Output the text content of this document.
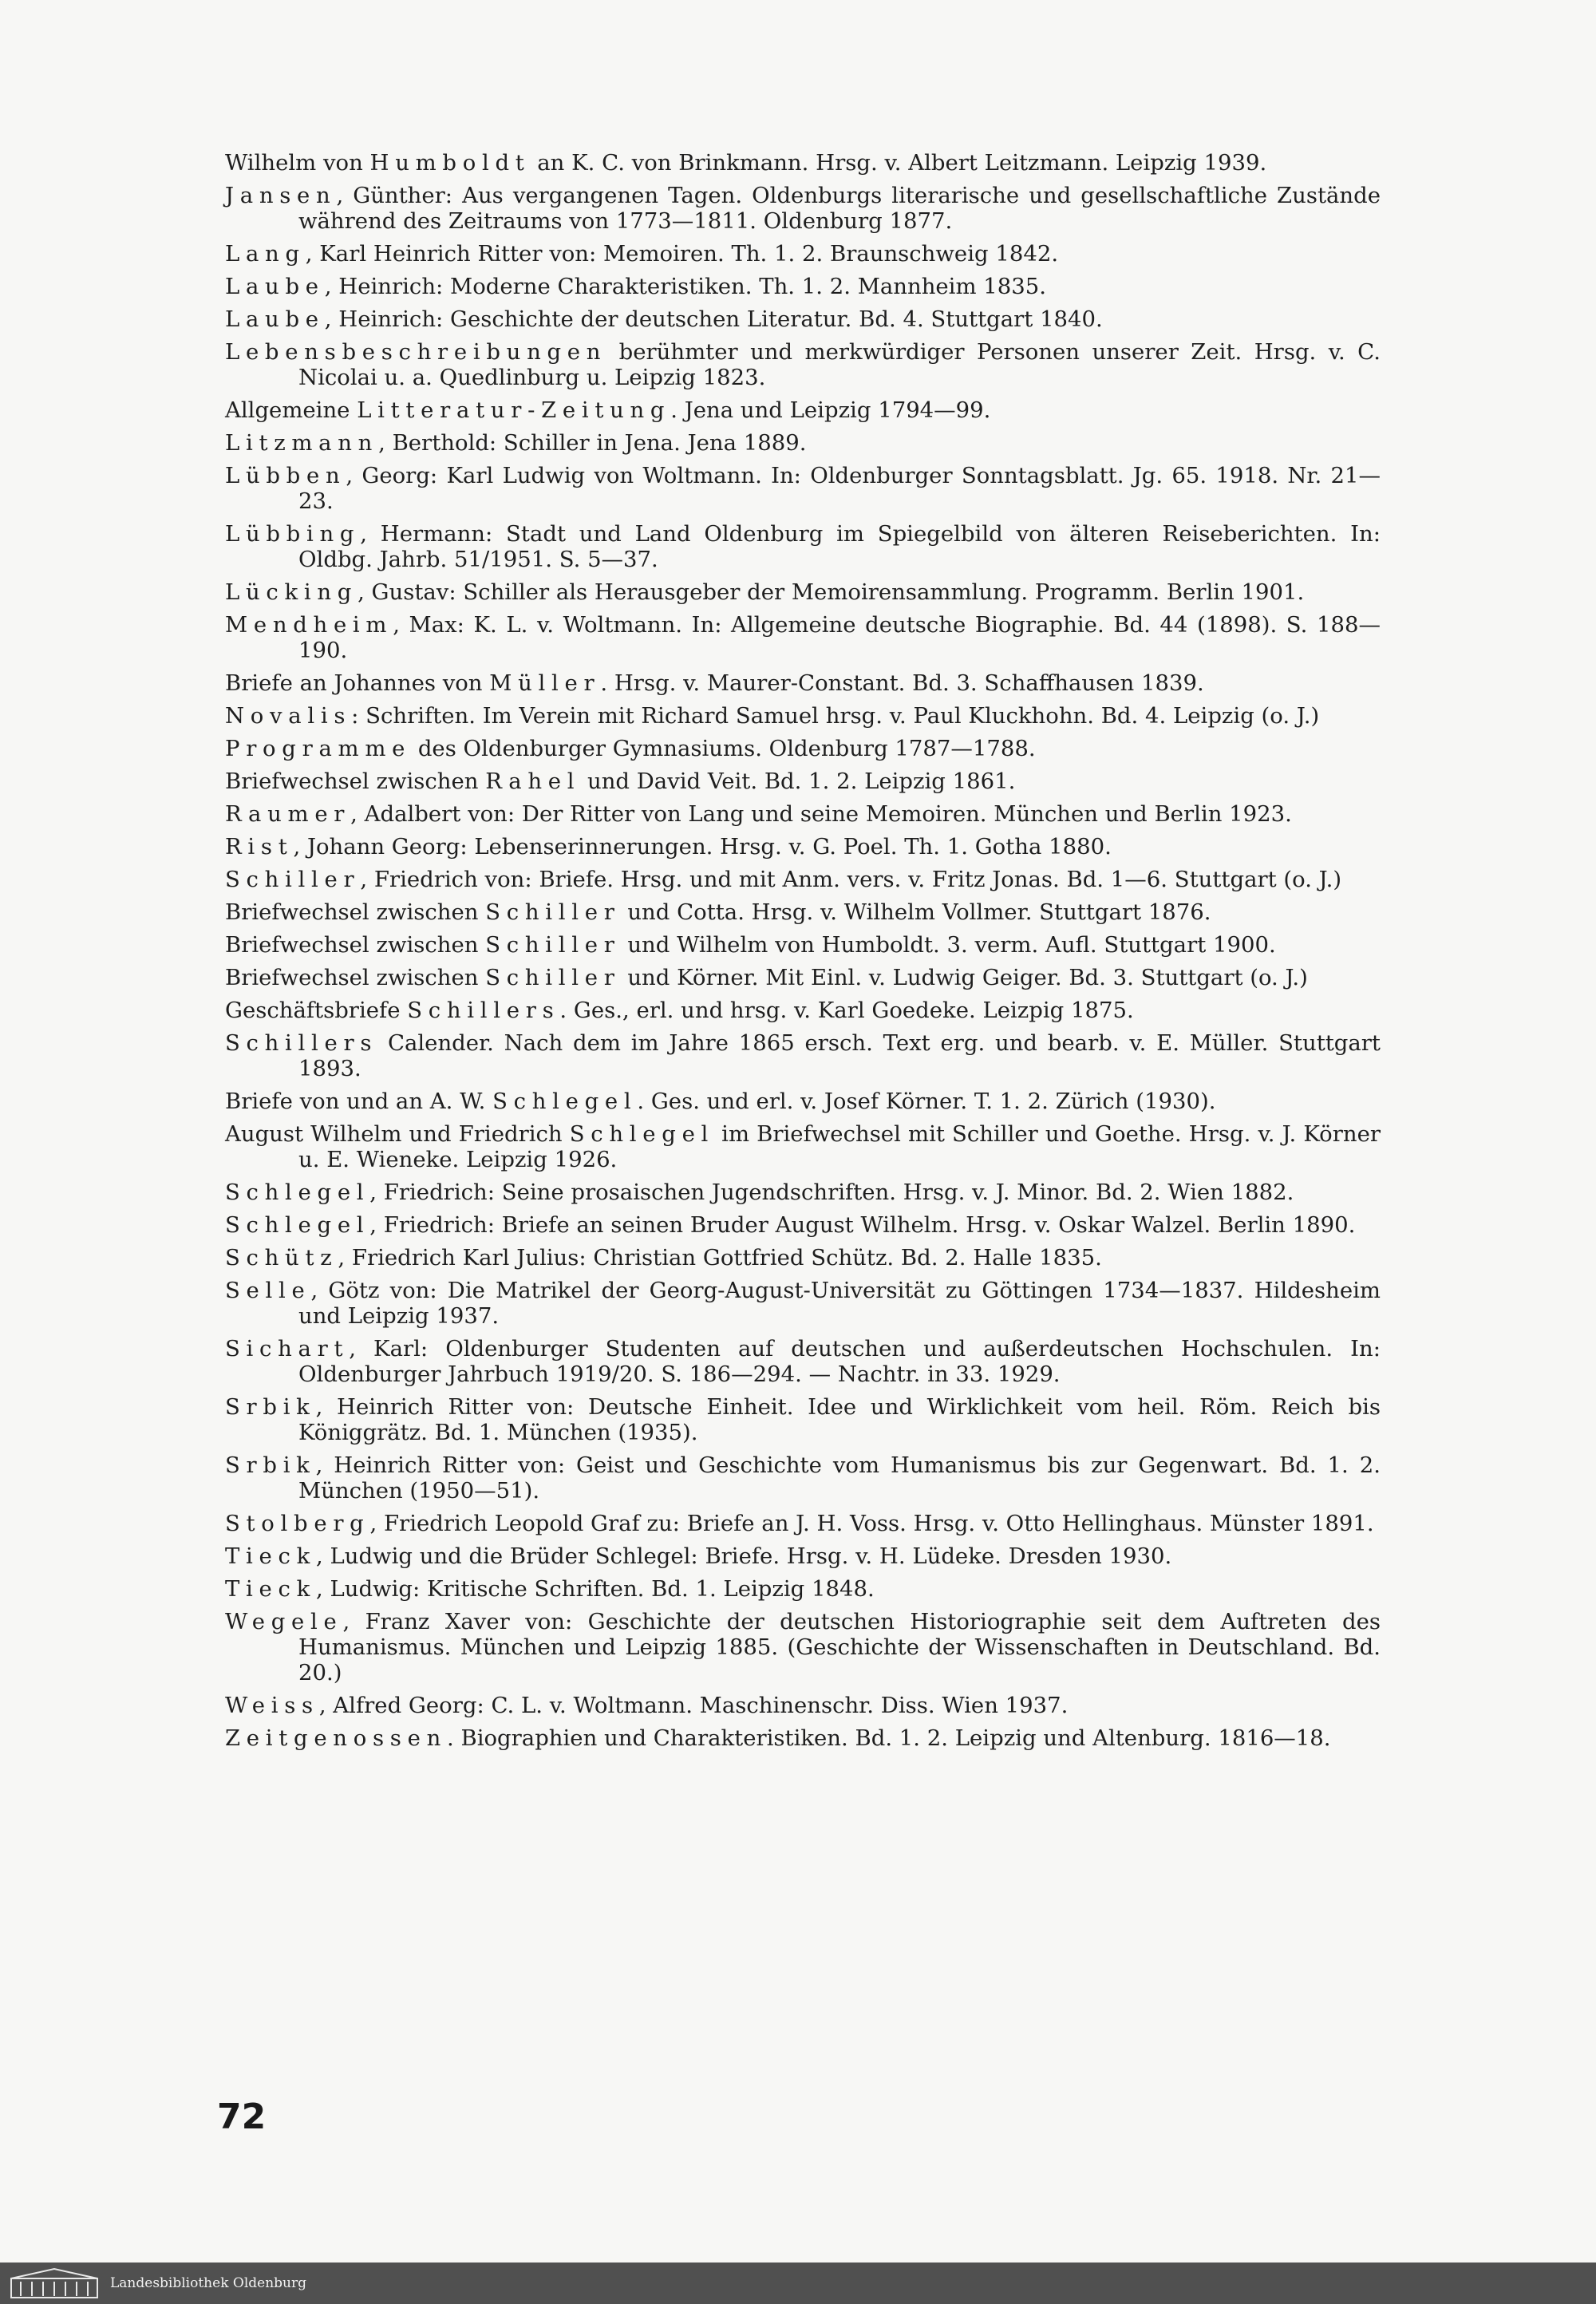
Wilhelm von Humboldt an K. C. von Brinkmann. Hrsg. v. Albert Leitzmann. Leipzig 1939.
Jansen, Günther: Aus vergangenen Tagen. Oldenburgs literarische und gesellschaftliche Zustände während des Zeitraums von 1773—1811. Oldenburg 1877.
Lang, Karl Heinrich Ritter von: Memoiren. Th. 1. 2. Braunschweig 1842.
Laube, Heinrich: Moderne Charakteristiken. Th. 1. 2. Mannheim 1835.
Laube, Heinrich: Geschichte der deutschen Literatur. Bd. 4. Stuttgart 1840.
Lebensbeschreibungen berühmter und merkwürdiger Personen unserer Zeit. Hrsg. v. C. Nicolai u. a. Quedlinburg u. Leipzig 1823.
Allgemeine Litteratur-Zeitung. Jena und Leipzig 1794—99.
Litzmann, Berthold: Schiller in Jena. Jena 1889.
Lübben, Georg: Karl Ludwig von Woltmann. In: Oldenburger Sonntagsblatt. Jg. 65. 1918. Nr. 21—23.
Lübbing, Hermann: Stadt und Land Oldenburg im Spiegelbild von älteren Reiseberichten. In: Oldbg. Jahrb. 51/1951. S. 5—37.
Lücking, Gustav: Schiller als Herausgeber der Memoirensammlung. Programm. Berlin 1901.
Mendheim, Max: K. L. v. Woltmann. In: Allgemeine deutsche Biographie. Bd. 44 (1898). S. 188—190.
Briefe an Johannes von Müller. Hrsg. v. Maurer-Constant. Bd. 3. Schaffhausen 1839.
Novalis: Schriften. Im Verein mit Richard Samuel hrsg. v. Paul Kluckhohn. Bd. 4. Leipzig (o. J.)
Programme des Oldenburger Gymnasiums. Oldenburg 1787—1788.
Briefwechsel zwischen Rahel und David Veit. Bd. 1. 2. Leipzig 1861.
Raumer, Adalbert von: Der Ritter von Lang und seine Memoiren. München und Berlin 1923.
Rist, Johann Georg: Lebenserinnerungen. Hrsg. v. G. Poel. Th. 1. Gotha 1880.
Schiller, Friedrich von: Briefe. Hrsg. und mit Anm. vers. v. Fritz Jonas. Bd. 1—6. Stuttgart (o. J.)
Briefwechsel zwischen Schiller und Cotta. Hrsg. v. Wilhelm Vollmer. Stuttgart 1876.
Briefwechsel zwischen Schiller und Wilhelm von Humboldt. 3. verm. Aufl. Stuttgart 1900.
Briefwechsel zwischen Schiller und Körner. Mit Einl. v. Ludwig Geiger. Bd. 3. Stuttgart (o. J.)
Geschäftsbriefe Schillers. Ges., erl. und hrsg. v. Karl Goedeke. Leizpig 1875.
Schillers Calender. Nach dem im Jahre 1865 ersch. Text erg. und bearb. v. E. Müller. Stuttgart 1893.
Briefe von und an A. W. Schlegel. Ges. und erl. v. Josef Körner. T. 1. 2. Zürich (1930).
August Wilhelm und Friedrich Schlegel im Briefwechsel mit Schiller und Goethe. Hrsg. v. J. Körner u. E. Wieneke. Leipzig 1926.
Schlegel, Friedrich: Seine prosaischen Jugendschriften. Hrsg. v. J. Minor. Bd. 2. Wien 1882.
Schlegel, Friedrich: Briefe an seinen Bruder August Wilhelm. Hrsg. v. Oskar Walzel. Berlin 1890.
Schütz, Friedrich Karl Julius: Christian Gottfried Schütz. Bd. 2. Halle 1835.
Selle, Götz von: Die Matrikel der Georg-August-Universität zu Göttingen 1734—1837. Hildesheim und Leipzig 1937.
Sichart, Karl: Oldenburger Studenten auf deutschen und außerdeutschen Hochschulen. In: Oldenburger Jahrbuch 1919/20. S. 186—294. — Nachtr. in 33. 1929.
Srbik, Heinrich Ritter von: Deutsche Einheit. Idee und Wirklichkeit vom heil. Röm. Reich bis Königgrätz. Bd. 1. München (1935).
Srbik, Heinrich Ritter von: Geist und Geschichte vom Humanismus bis zur Gegenwart. Bd. 1. 2. München (1950—51).
Stolberg, Friedrich Leopold Graf zu: Briefe an J. H. Voss. Hrsg. v. Otto Hellinghaus. Münster 1891.
Tieck, Ludwig und die Brüder Schlegel: Briefe. Hrsg. v. H. Lüdeke. Dresden 1930.
Tieck, Ludwig: Kritische Schriften. Bd. 1. Leipzig 1848.
Wegele, Franz Xaver von: Geschichte der deutschen Historiographie seit dem Auftreten des Humanismus. München und Leipzig 1885. (Geschichte der Wissenschaften in Deutschland. Bd. 20.)
Weiss, Alfred Georg: C. L. v. Woltmann. Maschinenschr. Diss. Wien 1937.
Zeitgenossen. Biographien und Charakteristiken. Bd. 1. 2. Leipzig und Altenburg. 1816—18.
72
Landesbibliothek Oldenburg
